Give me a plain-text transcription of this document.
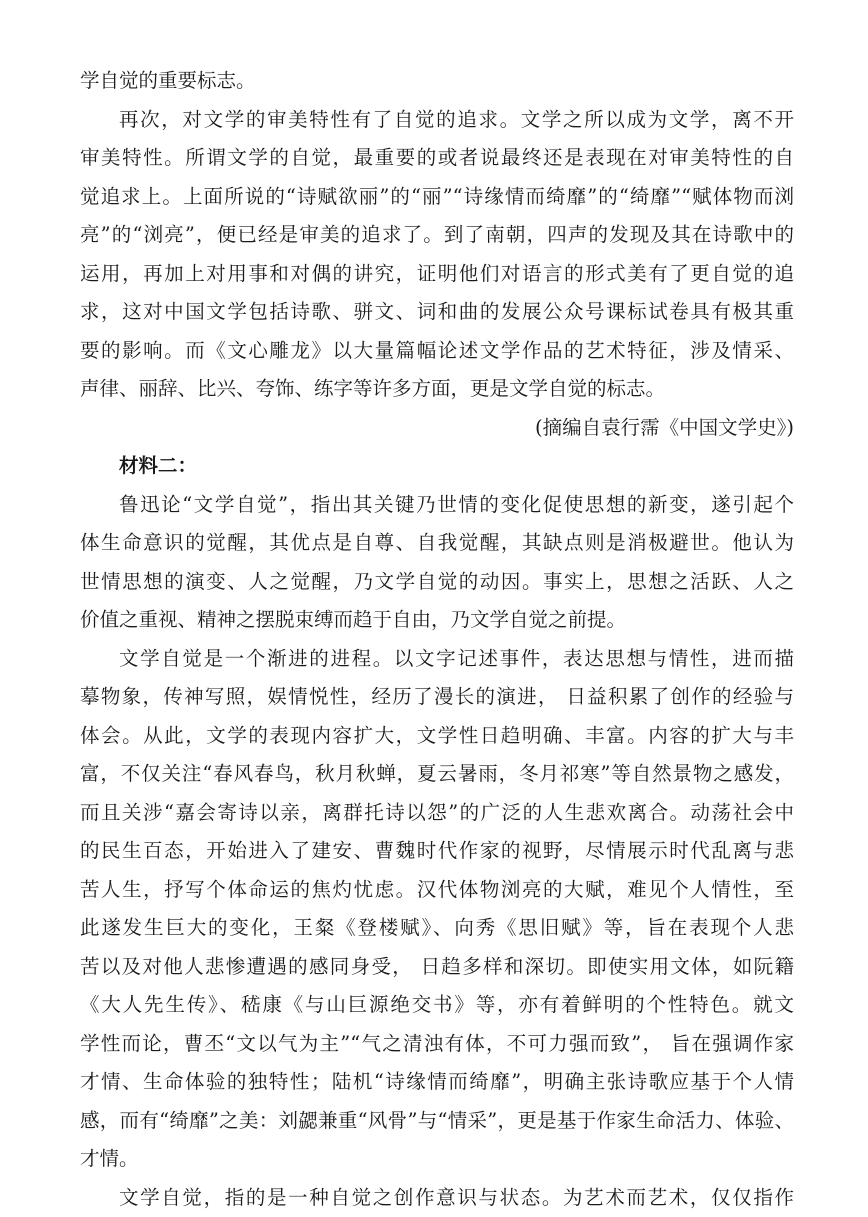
学自觉的重要标志。
再次，对文学的审美特性有了自觉的追求。文学之所以成为文学，离不开
审美特性。所谓文学的自觉，最重要的或者说最终还是表现在对审美特性的自
觉追求上。上面所说的“诗赋欲丽”的“丽”“诗缘情而绮靡”的“绮靡”“赋体物而浏
亮”的“浏亮”，便已经是审美的追求了。到了南朝，四声的发现及其在诗歌中的
运用，再加上对用事和对偶的讲究，证明他们对语言的形式美有了更自觉的追
求，这对中国文学包括诗歌、骈文、词和曲的发展公众号课标试卷具有极其重
要的影响。而《文心雕龙》以大量篇幅论述文学作品的艺术特征，涉及情采、
声律、丽辞、比兴、夸饰、练字等许多方面，更是文学自觉的标志。
(摘编自袁行霈《中国文学史》)
材料二：
鲁迅论“文学自觉”，指出其关键乃世情的变化促使思想的新变，遂引起个
体生命意识的觉醒，其优点是自尊、自我觉醒，其缺点则是消极避世。他认为
世情思想的演变、人之觉醒，乃文学自觉的动因。事实上，思想之活跃、人之
价值之重视、精神之摆脱束缚而趋于自由，乃文学自觉之前提。
文学自觉是一个渐进的进程。以文字记述事件，表达思想与情性，进而描
摹物象，传神写照，娱情悦性，经历了漫长的演进， 日益积累了创作的经验与
体会。从此，文学的表现内容扩大，文学性日趋明确、丰富。内容的扩大与丰
富，不仅关注“春风春鸟，秋月秋蝉，夏云暑雨，冬月祁寒”等自然景物之感发，
而且关涉“嘉会寄诗以亲，离群托诗以怨”的广泛的人生悲欢离合。动荡社会中
的民生百态，开始进入了建安、曹魏时代作家的视野，尽情展示时代乱离与悲
苦人生，抒写个体命运的焦灼忧虑。汉代体物浏亮的大赋，难见个人情性，至
此遂发生巨大的变化，王粲《登楼赋》、向秀《思旧赋》等，旨在表现个人悲
苦以及对他人悲惨遭遇的感同身受， 日趋多样和深切。即使实用文体，如阮籍
《大人先生传》、嵇康《与山巨源绝交书》等，亦有着鲜明的个性特色。就文
学性而论，曹丕“文以气为主”“气之清浊有体，不可力强而致”， 旨在强调作家
才情、生命体验的独特性；陆机“诗缘情而绮靡”，明确主张诗歌应基于个人情
感，而有“绮靡”之美：刘勰兼重“风骨”与“情采”，更是基于作家生命活力、体验、
才情。
文学自觉，指的是一种自觉之创作意识与状态。为艺术而艺术，仅仅指作
